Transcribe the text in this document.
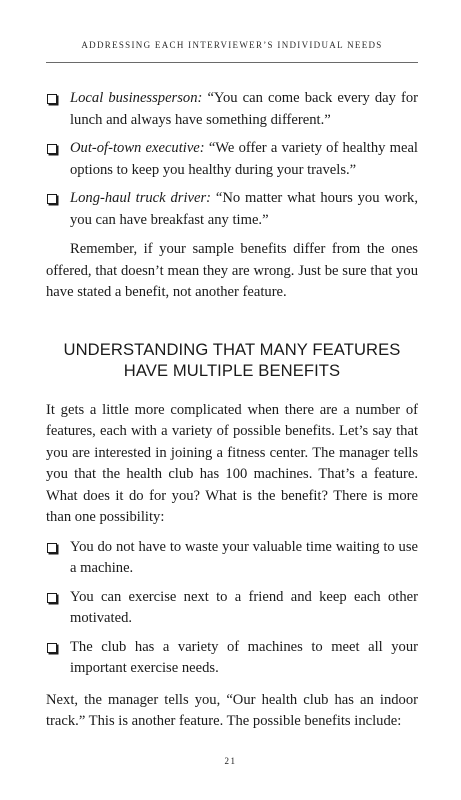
ADDRESSING EACH INTERVIEWER’S INDIVIDUAL NEEDS
Local businessperson: “You can come back every day for lunch and always have something different.”
Out-of-town executive: “We offer a variety of healthy meal options to keep you healthy during your travels.”
Long-haul truck driver: “No matter what hours you work, you can have breakfast any time.”

Remember, if your sample benefits differ from the ones offered, that doesn’t mean they are wrong. Just be sure that you have stated a benefit, not another feature.

UNDERSTANDING THAT MANY FEATURES
HAVE MULTIPLE BENEFITS

It gets a little more complicated when there are a number of features, each with a variety of possible benefits. Let’s say that you are interested in joining a fitness center. The manager tells you that the health club has 100 machines. That’s a feature. What does it do for you? What is the benefit? There is more than one possibility:

You do not have to waste your valuable time waiting to use a machine.
You can exercise next to a friend and keep each other motivated.
The club has a variety of machines to meet all your important exercise needs.

Next, the manager tells you, “Our health club has an indoor track.” This is another feature. The possible benefits include:

21
